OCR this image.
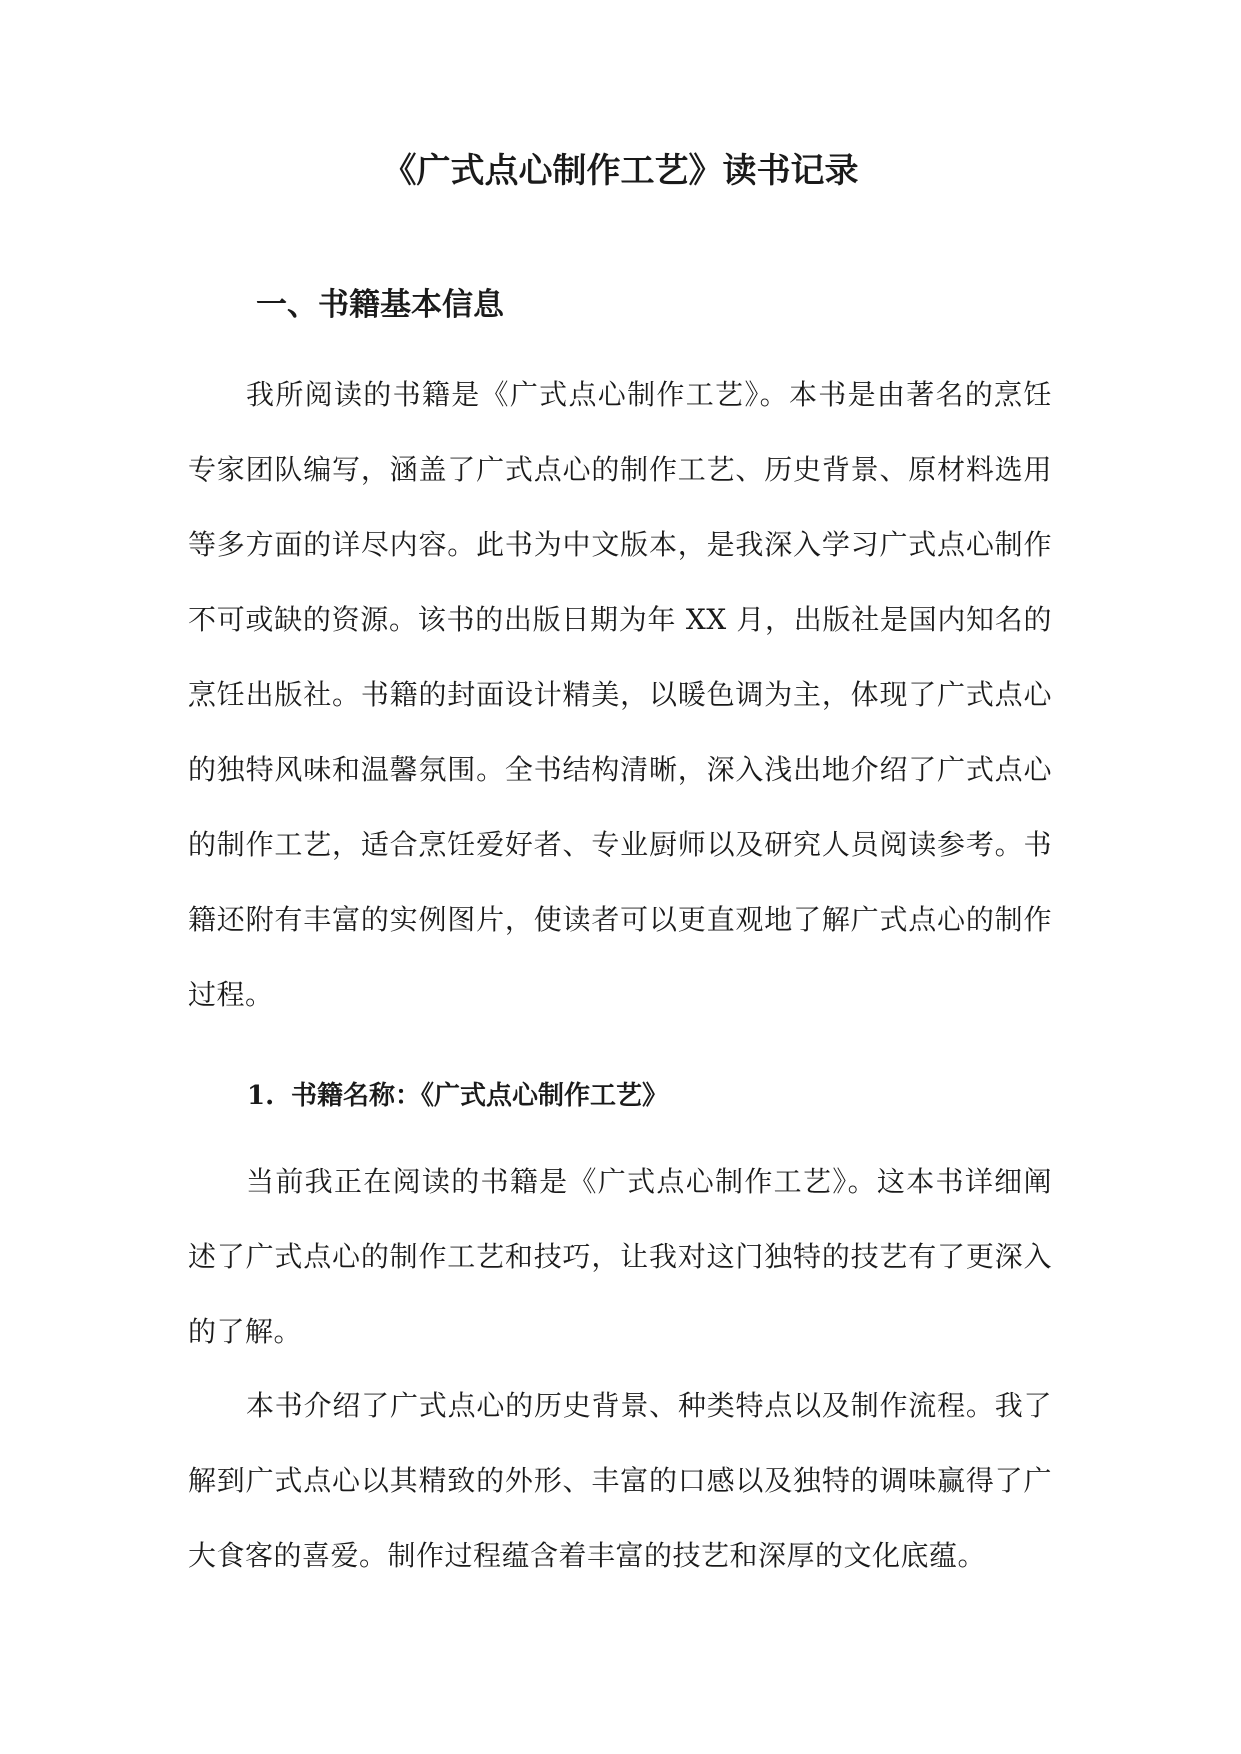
《广式点心制作工艺》读书记录
一、书籍基本信息

我所阅读的书籍是《广式点心制作工艺》。本书是由著名的烹饪专家团队编写，涵盖了广式点心的制作工艺、历史背景、原材料选用等多方面的详尽内容。此书为中文版本，是我深入学习广式点心制作不可或缺的资源。该书的出版日期为年 XX 月，出版社是国内知名的烹饪出版社。书籍的封面设计精美，以暖色调为主，体现了广式点心的独特风味和温馨氛围。全书结构清晰，深入浅出地介绍了广式点心的制作工艺，适合烹饪爱好者、专业厨师以及研究人员阅读参考。书籍还附有丰富的实例图片，使读者可以更直观地了解广式点心的制作过程。

1. 书籍名称：《广式点心制作工艺》

当前我正在阅读的书籍是《广式点心制作工艺》。这本书详细阐述了广式点心的制作工艺和技巧，让我对这门独特的技艺有了更深入的了解。

本书介绍了广式点心的历史背景、种类特点以及制作流程。我了解到广式点心以其精致的外形、丰富的口感以及独特的调味赢得了广大食客的喜爱。制作过程蕴含着丰富的技艺和深厚的文化底蕴。
